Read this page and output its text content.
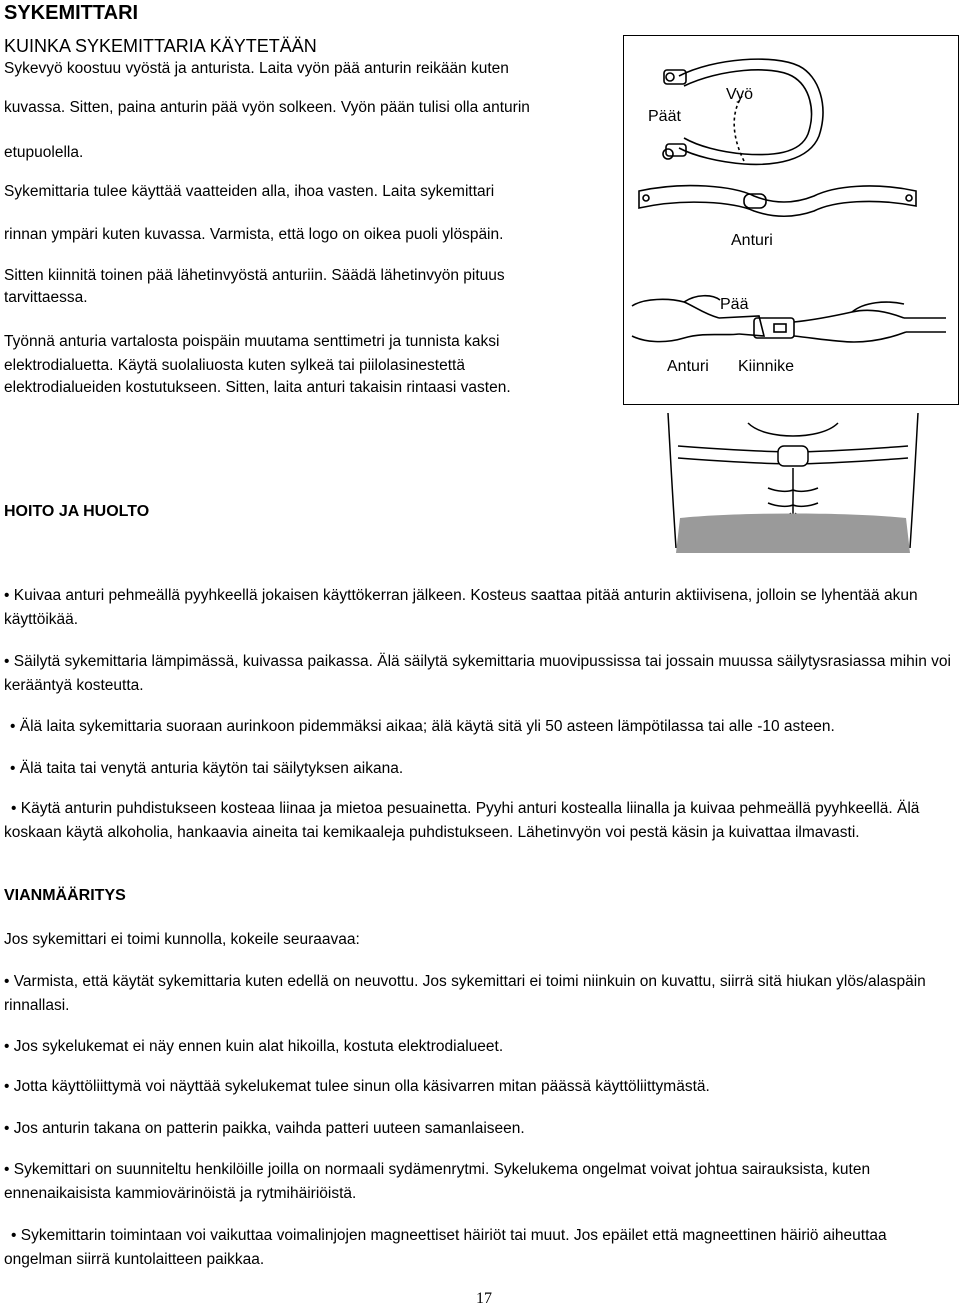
SYKEMITTARI
KUINKA SYKEMITTARIA KÄYTETÄÄN
Sykevyö koostuu vyöstä ja anturista. Laita vyön pää anturin reikään kuten
kuvassa. Sitten, paina anturin pää vyön solkeen. Vyön pään tulisi olla anturin
etupuolella.
Sykemittaria tulee käyttää vaatteiden alla, ihoa vasten. Laita sykemittari
rinnan ympäri kuten kuvassa. Varmista, että logo on oikea puoli ylöspäin.
Sitten kiinnitä toinen pää lähetinvyöstä anturiin. Säädä lähetinvyön pituus
tarvittaessa.
Työnnä anturia vartalosta poispäin muutama senttimetri ja tunnista kaksi
elektrodialuetta. Käytä suolaliuosta kuten sylkeä tai piilolasinestettä
elektrodialueiden kostutukseen. Sitten, laita anturi takaisin rintaasi vasten.
Päät
Vyö
Anturi
Pää
Anturi Kiinnike
HOITO JA HUOLTO
• Kuivaa anturi pehmeällä pyyhkeellä jokaisen käyttökerran jälkeen. Kosteus saattaa pitää anturin aktiivisena, jolloin se lyhentää akun käyttöikää.
• Säilytä sykemittaria lämpimässä, kuivassa paikassa. Älä säilytä sykemittaria muovipussissa tai jossain muussa säilytysrasiassa mihin voi kerääntyä kosteutta.
• Älä laita sykemittaria suoraan aurinkoon pidemmäksi aikaa; älä käytä sitä yli 50 asteen lämpötilassa tai alle -10 asteen.
• Älä taita tai venytä anturia käytön tai säilytyksen aikana.
• Käytä anturin puhdistukseen kosteaa liinaa ja mietoa pesuainetta. Pyyhi anturi kostealla liinalla ja kuivaa pehmeällä pyyhkeellä. Älä koskaan käytä alkoholia, hankaavia aineita tai kemikaaleja puhdistukseen. Lähetinvyön voi pestä käsin ja kuivattaa ilmavasti.
VIANMÄÄRITYS
Jos sykemittari ei toimi kunnolla, kokeile seuraavaa:
• Varmista, että käytät sykemittaria kuten edellä on neuvottu. Jos sykemittari ei toimi niinkuin on kuvattu, siirrä sitä hiukan ylös/alaspäin rinnallasi.
• Jos sykelukemat ei näy ennen kuin alat hikoilla, kostuta elektrodialueet.
• Jotta käyttöliittymä voi näyttää sykelukemat tulee sinun olla käsivarren mitan päässä käyttöliittymästä.
• Jos anturin takana on patterin paikka, vaihda patteri uuteen samanlaiseen.
• Sykemittari on suunniteltu henkilöille joilla on normaali sydämenrytmi. Sykelukema ongelmat voivat johtua sairauksista, kuten ennenaikaisista kammiovärinöistä ja rytmihäiriöistä.
• Sykemittarin toimintaan voi vaikuttaa voimalinjojen magneettiset häiriöt tai muut. Jos epäilet että magneettinen häiriö aiheuttaa ongelman siirrä kuntolaitteen paikkaa.
17
